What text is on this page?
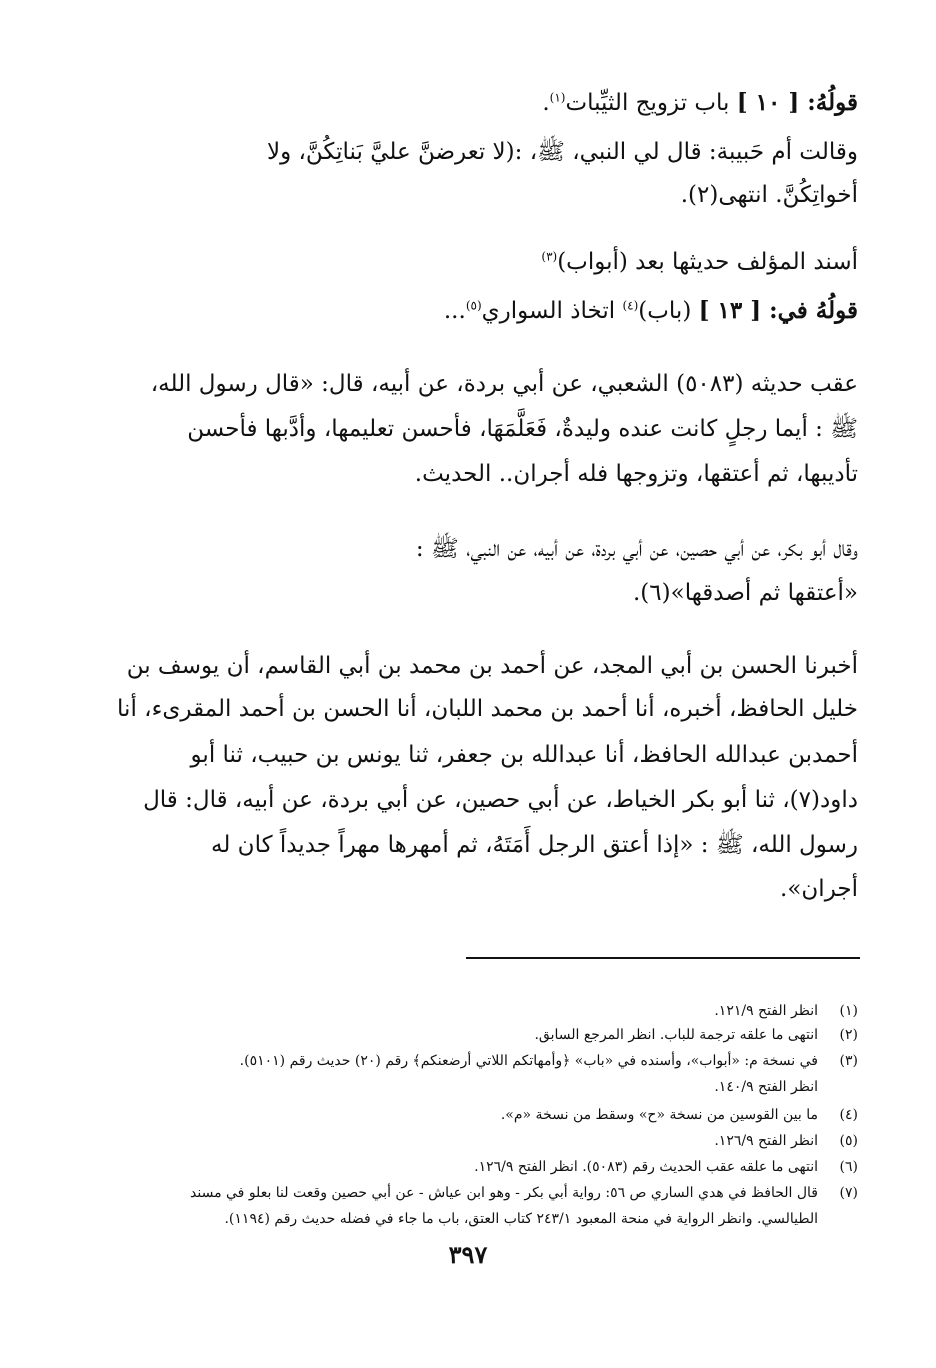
قولُهُ: [ ١٠ ] باب تزويج الثيِّبات$^{(١)}$.
وقالت أم حَبيبة: قال لي النبي، ﷺ، :(لا تعرضنَّ عليَّ بَناتِكُنَّ، ولا
أخواتِكُنَّ. انتهى(٢).
أسند المؤلف حديثها بعد (أبواب)$^{(٣)}$
قولُهُ في: [ ١٣ ] (باب)$^{(٤)}$ اتخاذ السواري$^{(٥)}$...
عقب حديثه (٥٠٨٣) الشعبي، عن أبي بردة، عن أبيه، قال: «قال رسول الله،
ﷺ : أيما رجلٍ كانت عنده وليدةٌ، فَعَلَّمَهَا، فأحسن تعليمها، وأدَّبها فأحسن
تأديبها، ثم أعتقها، وتزوجها فله أجران.. الحديث.
وقال أبو بكر، عن أبي حصين، عن أبي بردة، عن أبيه، عن النبي، ﷺ :
«أعتقها ثم أصدقها»(٦).
أخبرنا الحسن بن أبي المجد، عن أحمد بن محمد بن أبي القاسم، أن يوسف بن
خليل الحافظ، أخبره، أنا أحمد بن محمد اللبان، أنا الحسن بن أحمد المقرىء، أنا
أحمدبن عبدالله الحافظ، أنا عبدالله بن جعفر، ثنا يونس بن حبيب، ثنا أبو
داود(٧)، ثنا أبو بكر الخياط، عن أبي حصين، عن أبي بردة، عن أبيه، قال: قال
رسول الله، ﷺ : «إذا أعتق الرجل أَمَتَهُ، ثم أمهرها مهراً جديداً كان له
أجران».
(١)انظر الفتح ١٢١/٩.
(٢)انتهى ما علقه ترجمة للباب. انظر المرجع السابق.
(٣)في نسخة م: «أبواب»، وأسنده في «باب» ﴿وأمهاتكم اللاتي أرضعنكم﴾ رقم (٢٠) حديث رقم (٥١٠١).
انظر الفتح ١٤٠/٩.
(٤)ما بين القوسين من نسخة «ح» وسقط من نسخة «م».
(٥)انظر الفتح ١٢٦/٩.
(٦)انتهى ما علقه عقب الحديث رقم (٥٠٨٣). انظر الفتح ١٢٦/٩.
(٧)قال الحافظ في هدي الساري ص ٥٦: رواية أبي بكر - وهو ابن عياش - عن أبي حصين وقعت لنا بعلو في مسند
الطيالسي. وانظر الرواية في منحة المعبود ٢٤٣/١ كتاب العتق، باب ما جاء في فضله حديث رقم (١١٩٤).
٣٩٧
